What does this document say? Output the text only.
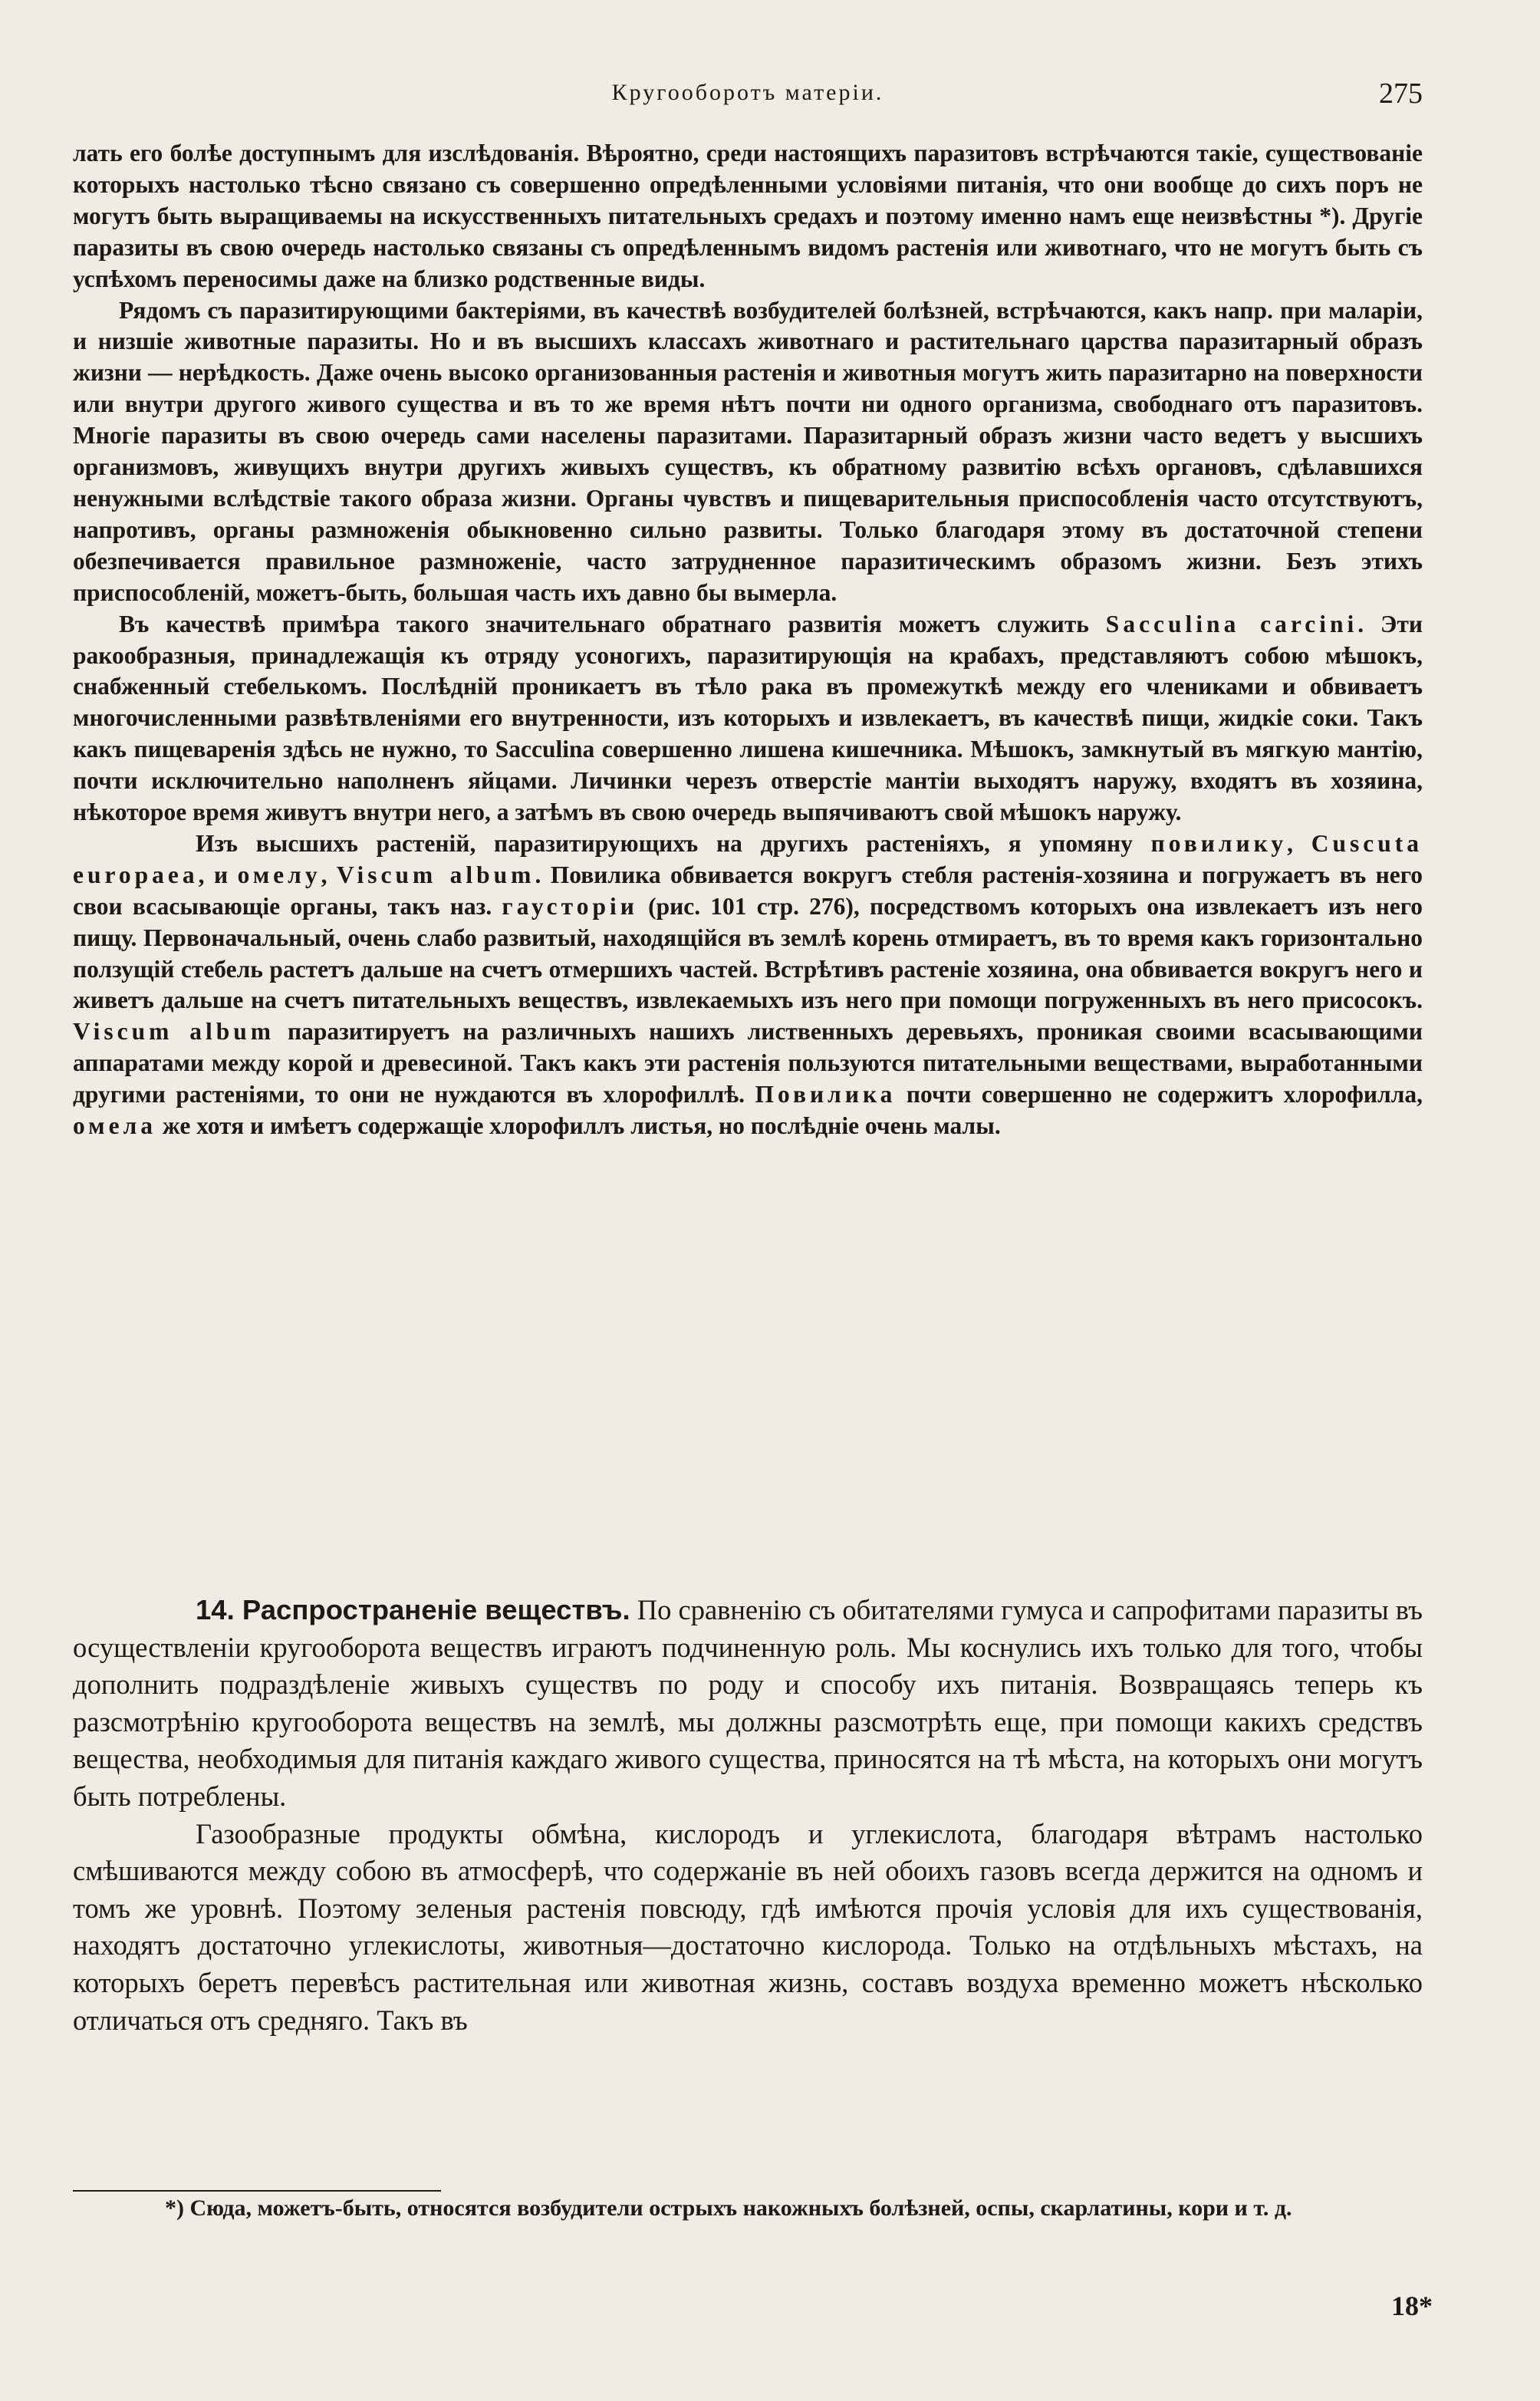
Кругооборотъ матеріи.	275

лать его болѣе доступнымъ для изслѣдованія. Вѣроятно, среди настоящихъ паразитовъ встрѣчаются такіе, существованіе которыхъ настолько тѣсно связано съ совершенно опредѣленными условіями питанія, что они вообще до сихъ поръ не могутъ быть выращиваемы на искусственныхъ питательныхъ средахъ и поэтому именно намъ еще неизвѣстны *). Другіе паразиты въ свою очередь настолько связаны съ опредѣленнымъ видомъ растенія или животнаго, что не могутъ быть съ успѣхомъ переносимы даже на близко родственные виды.

Рядомъ съ паразитирующими бактеріями, въ качествѣ возбудителей болѣзней, встрѣчаются, какъ напр. при маларіи, и низшіе животные паразиты. Но и въ высшихъ классахъ животнаго и растительнаго царства паразитарный образъ жизни — нерѣдкость. Даже очень высоко организованныя растенія и животныя могутъ жить паразитарно на поверхности или внутри другого живого существа и въ то же время нѣтъ почти ни одного организма, свободнаго отъ паразитовъ. Многіе паразиты въ свою очередь сами населены паразитами. Паразитарный образъ жизни часто ведетъ у высшихъ организмовъ, живущихъ внутри другихъ живыхъ существъ, къ обратному развитію всѣхъ органовъ, сдѣлавшихся ненужными вслѣдствіе такого образа жизни. Органы чувствъ и пищеварительныя приспособленія часто отсутствуютъ, напротивъ, органы размноженія обыкновенно сильно развиты. Только благодаря этому въ достаточной степени обезпечивается правильное размноженіе, часто затрудненное паразитическимъ образомъ жизни. Безъ этихъ приспособленій, можетъ-быть, большая часть ихъ давно бы вымерла.

Въ качествѣ примѣра такого значительнаго обратнаго развитія можетъ служить Sacculina carcini. Эти ракообразныя, принадлежащія къ отряду усоногихъ, паразитирующія на крабахъ, представляютъ собою мѣшокъ, снабженный стебелькомъ. Послѣдній проникаетъ въ тѣло рака въ промежуткѣ между его члениками и обвиваетъ многочисленными развѣтвленіями его внутренности, изъ которыхъ и извлекаетъ, въ качествѣ пищи, жидкіе соки. Такъ какъ пищеваренія здѣсь не нужно, то Sacculina совершенно лишена кишечника. Мѣшокъ, замкнутый въ мягкую мантію, почти исключительно наполненъ яйцами. Личинки черезъ отверстіе мантіи выходятъ наружу, входятъ въ хозяина, нѣкоторое время живутъ внутри него, а затѣмъ въ свою очередь выпячиваютъ свой мѣшокъ наружу.

Изъ высшихъ растеній, паразитирующихъ на другихъ растеніяхъ, я упомяну повилику, Cuscuta europaea, и омелу, Viscum album. Повилика обвивается вокругъ стебля растенія-хозяина и погружаетъ въ него свои всасывающіе органы, такъ наз. гаусторіи (рис. 101 стр. 276), посредствомъ которыхъ она извлекаетъ изъ него пищу. Первоначальный, очень слабо развитый, находящійся въ землѣ корень отмираетъ, въ то время какъ горизонтально ползущій стебель растетъ дальше на счетъ отмершихъ частей. Встрѣтивъ растеніе хозяина, она обвивается вокругъ него и живетъ дальше на счетъ питательныхъ веществъ, извлекаемыхъ изъ него при помощи погруженныхъ въ него присосокъ. Viscum album паразитируетъ на различныхъ нашихъ лиственныхъ деревьяхъ, проникая своими всасывающими аппаратами между корой и древесиной. Такъ какъ эти растенія пользуются питательными веществами, выработанными другими растеніями, то они не нуждаются въ хлорофиллѣ. Повилика почти совершенно не содержитъ хлорофилла, омела же хотя и имѣетъ содержащіе хлорофиллъ листья, но послѣдніе очень малы.

14. Распространеніе веществъ. По сравненію съ обитателями гумуса и сапрофитами паразиты въ осуществленіи кругооборота веществъ играютъ подчиненную роль. Мы коснулись ихъ только для того, чтобы дополнить подраздѣленіе живыхъ существъ по роду и способу ихъ питанія. Возвращаясь теперь къ разсмотрѣнію кругооборота веществъ на землѣ, мы должны разсмотрѣть еще, при помощи какихъ средствъ вещества, необходимыя для питанія каждаго живого существа, приносятся на тѣ мѣста, на которыхъ они могутъ быть потреблены.

Газообразные продукты обмѣна, кислородъ и углекислота, благодаря вѣтрамъ настолько смѣшиваются между собою въ атмосферѣ, что содержаніе въ ней обоихъ газовъ всегда держится на одномъ и томъ же уровнѣ. Поэтому зеленыя растенія повсюду, гдѣ имѣются прочія условія для ихъ существованія, находятъ достаточно углекислоты, животныя—достаточно кислорода. Только на отдѣльныхъ мѣстахъ, на которыхъ беретъ перевѣсъ растительная или животная жизнь, составъ воздуха временно можетъ нѣсколько отличаться отъ средняго. Такъ въ

*) Сюда, можетъ-быть, относятся возбудители острыхъ накожныхъ болѣзней, оспы, скарлатины, кори и т. д.

18*
